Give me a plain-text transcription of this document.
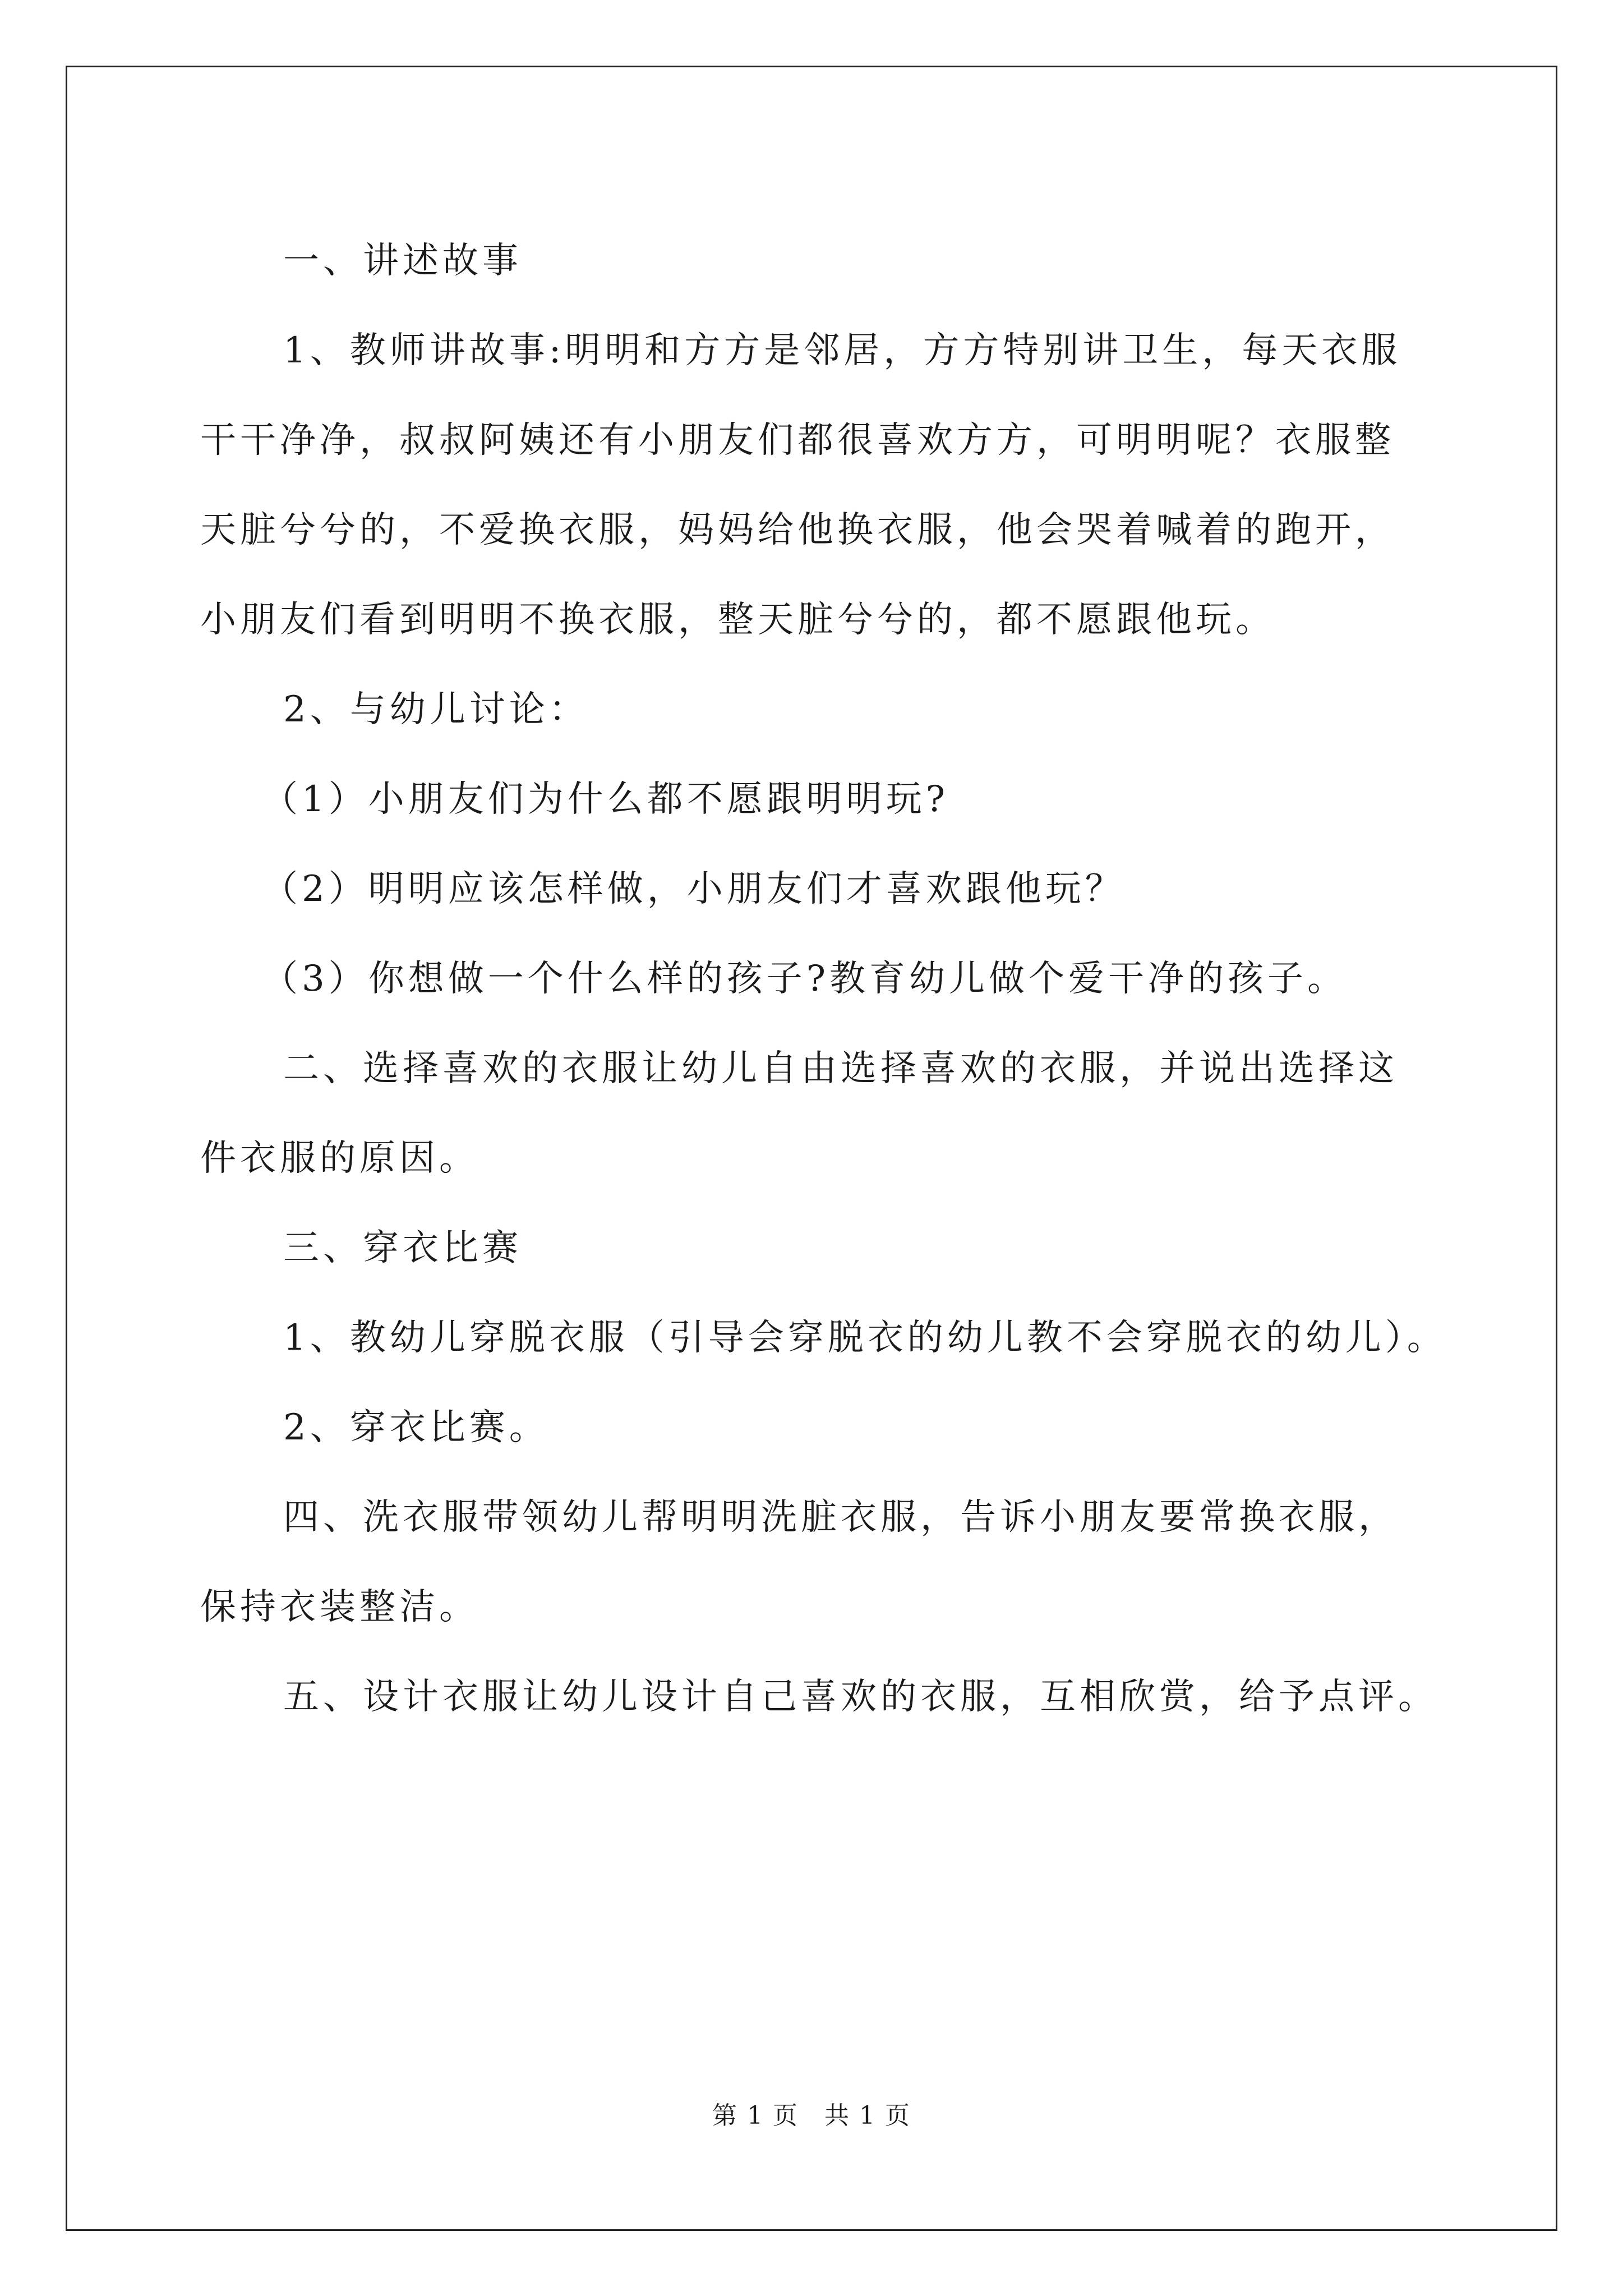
一、讲述故事

1、教师讲故事:明明和方方是邻居，方方特别讲卫生，每天衣服

干干净净，叔叔阿姨还有小朋友们都很喜欢方方，可明明呢？衣服整

天脏兮兮的，不爱换衣服，妈妈给他换衣服，他会哭着喊着的跑开，

小朋友们看到明明不换衣服，整天脏兮兮的，都不愿跟他玩。

2、与幼儿讨论：

（1）小朋友们为什么都不愿跟明明玩?

（2）明明应该怎样做，小朋友们才喜欢跟他玩？

（3）你想做一个什么样的孩子?教育幼儿做个爱干净的孩子。

二、选择喜欢的衣服让幼儿自由选择喜欢的衣服，并说出选择这

件衣服的原因。

三、穿衣比赛

1、教幼儿穿脱衣服（引导会穿脱衣的幼儿教不会穿脱衣的幼儿）。

2、穿衣比赛。

四、洗衣服带领幼儿帮明明洗脏衣服，告诉小朋友要常换衣服，

保持衣装整洁。

五、设计衣服让幼儿设计自己喜欢的衣服，互相欣赏，给予点评。

第 1 页　共 1 页
